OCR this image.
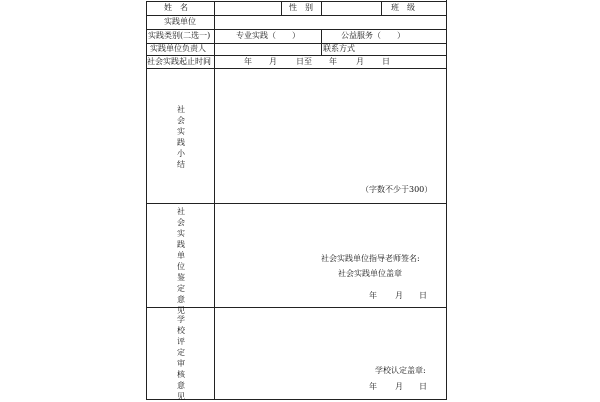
姓　名	性　别	班　级
实践单位
实践类别(二选一)	专业实践（　　）	公益服务（　　）
实践单位负责人	联系方式
社会实践起止时间	年 月 日至 年 月 日
社会实践小结
（字数不少于300）
社会实践单位鉴定意见
社会实践单位指导老师签名:
社会实践单位盖章
年 月 日
学校评定审核意见
学校认定盖章:
年 月 日
